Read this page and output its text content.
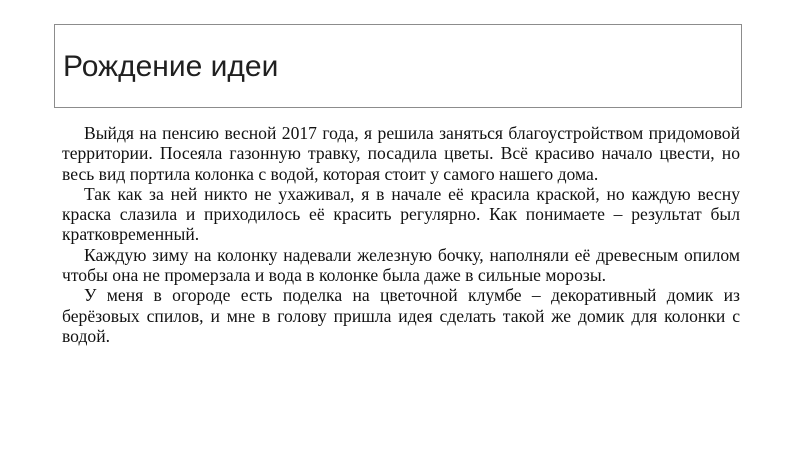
Рождение идеи

Выйдя на пенсию весной 2017 года, я решила заняться благоустройством придомовой территории. Посеяла газонную травку, посадила цветы. Всё красиво начало цвести, но весь вид портила колонка с водой, которая стоит у самого нашего дома.

Так как за ней никто не ухаживал, я в начале её красила краской, но каждую весну краска слазила и приходилось её красить регулярно. Как понимаете – результат был кратковременный.

Каждую зиму на колонку надевали железную бочку, наполняли её древесным опилом чтобы она не промерзала и вода в колонке была даже в сильные морозы.

У меня в огороде есть поделка на цветочной клумбе – декоративный домик из берёзовых спилов, и мне в голову пришла идея сделать такой же домик для колонки с водой.
